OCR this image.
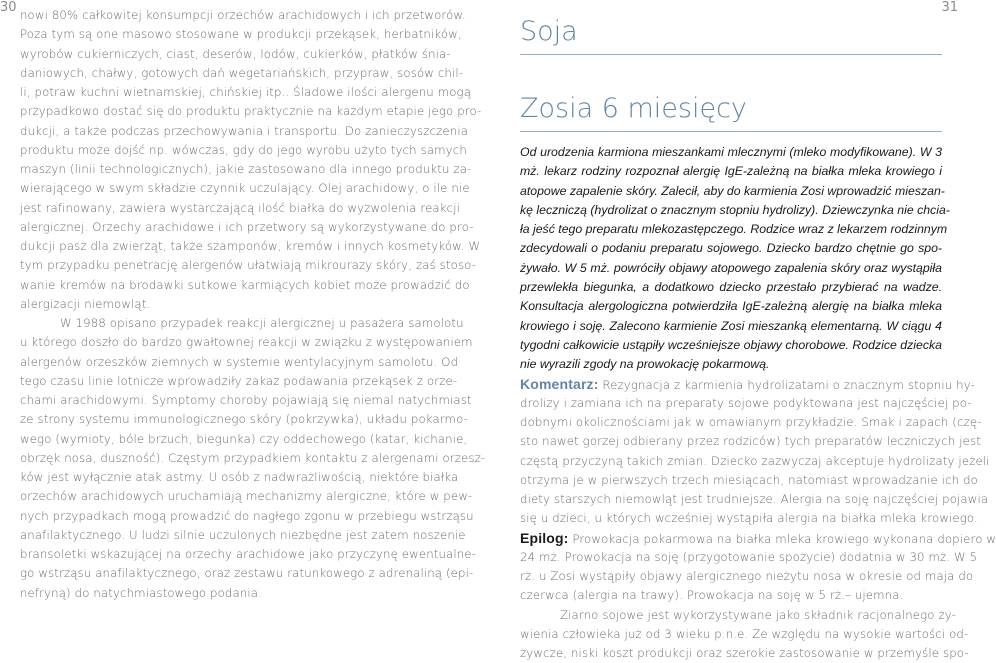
30	31
nowi 80% całkowitej konsumpcji orzechów arachidowych i ich przetworów.
Poza tym są one masowo stosowane w produkcji przekąsek, herbatników,
wyrobów cukierniczych, ciast, deserów, lodów, cukierków, płatków śnia-
daniowych, chałwy, gotowych dań wegetariańskich, przypraw, sosów chil-
li, potraw kuchni wietnamskiej, chińskiej itp.. Śladowe ilości alergenu mogą
przypadkowo dostać się do produktu praktycznie na każdym etapie jego pro-
dukcji, a także podczas przechowywania i transportu. Do zanieczyszczenia
produktu może dojść np. wówczas, gdy do jego wyrobu użyto tych samych
maszyn (linii technologicznych), jakie zastosowano dla innego produktu za-
wierającego w swym składzie czynnik uczulający. Olej arachidowy, o ile nie
jest rafinowany, zawiera wystarczającą ilość białka do wyzwolenia reakcji
alergicznej. Orzechy arachidowe i ich przetwory są wykorzystywane do pro-
dukcji pasz dla zwierząt, także szamponów, kremów i innych kosmetyków. W
tym przypadku penetrację alergenów ułatwiają mikrourazy skóry, zaś stoso-
wanie kremów na brodawki sutkowe karmiących kobiet może prowadzić do
alergizacji niemowląt.
W 1988 opisano przypadek reakcji alergicznej u pasażera samolotu
u którego doszło do bardzo gwałtownej reakcji w związku z występowaniem
alergenów orzeszków ziemnych w systemie wentylacyjnym samolotu. Od
tego czasu linie lotnicze wprowadziły zakaz podawania przekąsek z orze-
chami arachidowymi. Symptomy choroby pojawiają się niemal natychmiast
ze strony systemu immunologicznego skóry (pokrzywka), układu pokarmo-
wego (wymioty, bóle brzuch, biegunka) czy oddechowego (katar, kichanie,
obrzęk nosa, duszność). Częstym przypadkiem kontaktu z alergenami orzesz-
ków jest wyłącznie atak astmy. U osób z nadwrażliwością, niektóre białka
orzechów arachidowych uruchamiają mechanizmy alergiczne, które w pew-
nych przypadkach mogą prowadzić do nagłego zgonu w przebiegu wstrząsu
anafilaktycznego. U ludzi silnie uczulonych niezbędne jest zatem noszenie
bransoletki wskazującej na orzechy arachidowe jako przyczynę ewentualne-
go wstrząsu anafilaktycznego, oraz zestawu ratunkowego z adrenaliną (epi-
nefryną) do natychmiastowego podania.
Soja
Zosia 6 miesięcy
Od urodzenia karmiona mieszankami mlecznymi (mleko modyfikowane). W 3
mż. lekarz rodziny rozpoznał alergię IgE-zależną na białka mleka krowiego i
atopowe zapalenie skóry. Zalecił, aby do karmienia Zosi wprowadzić mieszan-
kę leczniczą (hydrolizat o znacznym stopniu hydrolizy). Dziewczynka nie chcia-
ła jeść tego preparatu mlekozastępczego. Rodzice wraz z lekarzem rodzinnym
zdecydowali o podaniu preparatu sojowego. Dziecko bardzo chętnie go spo-
żywało. W 5 mż. powróciły objawy atopowego zapalenia skóry oraz wystąpiła
przewlekła biegunka, a dodatkowo dziecko przestało przybierać na wadze.
Konsultacja alergologiczna potwierdziła IgE-zależną alergię na białka mleka
krowiego i soję. Zalecono karmienie Zosi mieszanką elementarną. W ciągu 4
tygodni całkowicie ustąpiły wcześniejsze objawy chorobowe. Rodzice dziecka
nie wyrazili zgody na prowokację pokarmową.
Komentarz: Rezygnacja z karmienia hydrolizatami o znacznym stopniu hy-
drolizy i zamiana ich na preparaty sojowe podyktowana jest najczęściej po-
dobnymi okolicznościami jak w omawianym przykładzie. Smak i zapach (czę-
sto nawet gorzej odbierany przez rodziców) tych preparatów leczniczych jest
częstą przyczyną takich zmian. Dziecko zazwyczaj akceptuje hydrolizaty jeżeli
otrzyma je w pierwszych trzech miesiącach, natomiast wprowadzanie ich do
diety starszych niemowląt jest trudniejsze. Alergia na soję najczęściej pojawia
się u dzieci, u których wcześniej wystąpiła alergia na białka mleka krowiego.
Epilog: Prowokacja pokarmowa na białka mleka krowiego wykonana dopiero w
24 mż. Prowokacja na soję (przygotowanie spożycie) dodatnia w 30 mż. W 5
rż. u Zosi wystąpiły objawy alergicznego nieżytu nosa w okresie od maja do
czerwca (alergia na trawy). Prowokacja na soję w 5 rż.– ujemna.
Ziarno sojowe jest wykorzystywane jako składnik racjonalnego ży-
wienia człowieka już od 3 wieku p.n.e. Ze względu na wysokie wartości od-
żywcze, niski koszt produkcji oraz szerokie zastosowanie w przemyśle spo-
